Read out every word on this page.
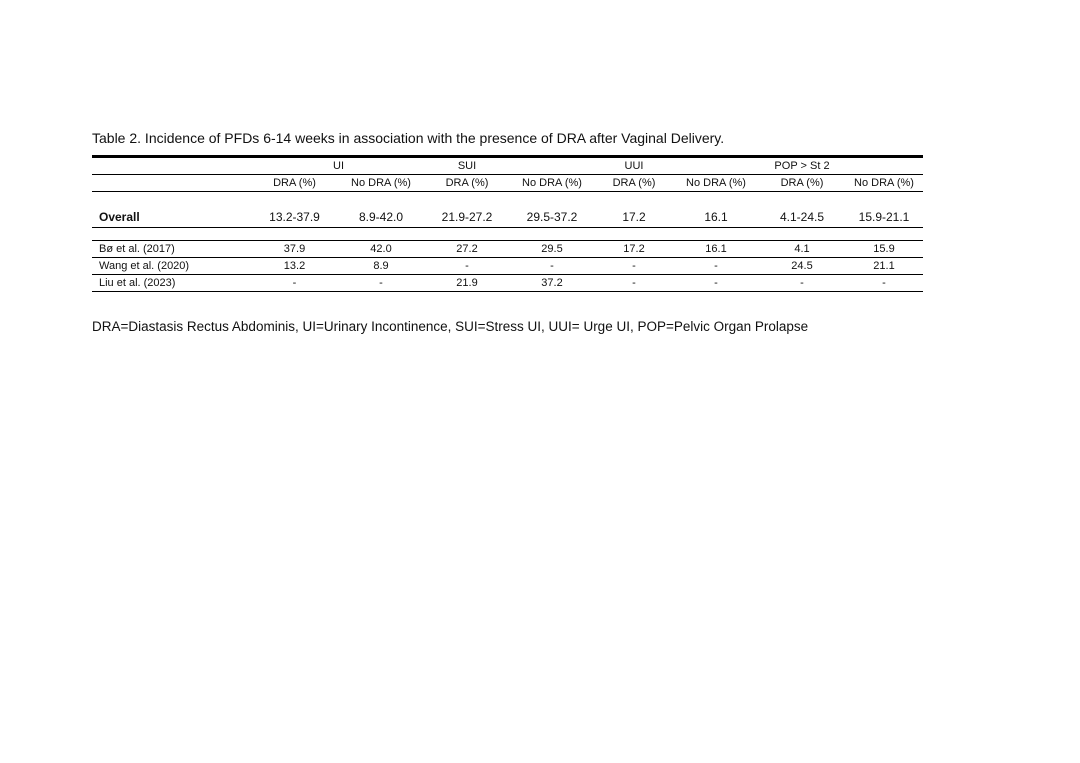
Table 2. Incidence of PFDs 6-14 weeks in association with the presence of DRA after Vaginal Delivery.
UI	SUI	UUI	POP > St 2
DRA (%)	No DRA (%)	DRA (%)	No DRA (%)	DRA (%)	No DRA (%)	DRA (%)	No DRA (%)
Overall	13.2-37.9	8.9-42.0	21.9-27.2	29.5-37.2	17.2	16.1	4.1-24.5	15.9-21.1
Bø et al. (2017)	37.9	42.0	27.2	29.5	17.2	16.1	4.1	15.9
Wang et al. (2020)	13.2	8.9	-	-	-	-	24.5	21.1
Liu et al. (2023)	-	-	21.9	37.2	-	-	-	-
DRA=Diastasis Rectus Abdominis, UI=Urinary Incontinence, SUI=Stress UI, UUI= Urge UI, POP=Pelvic Organ Prolapse
